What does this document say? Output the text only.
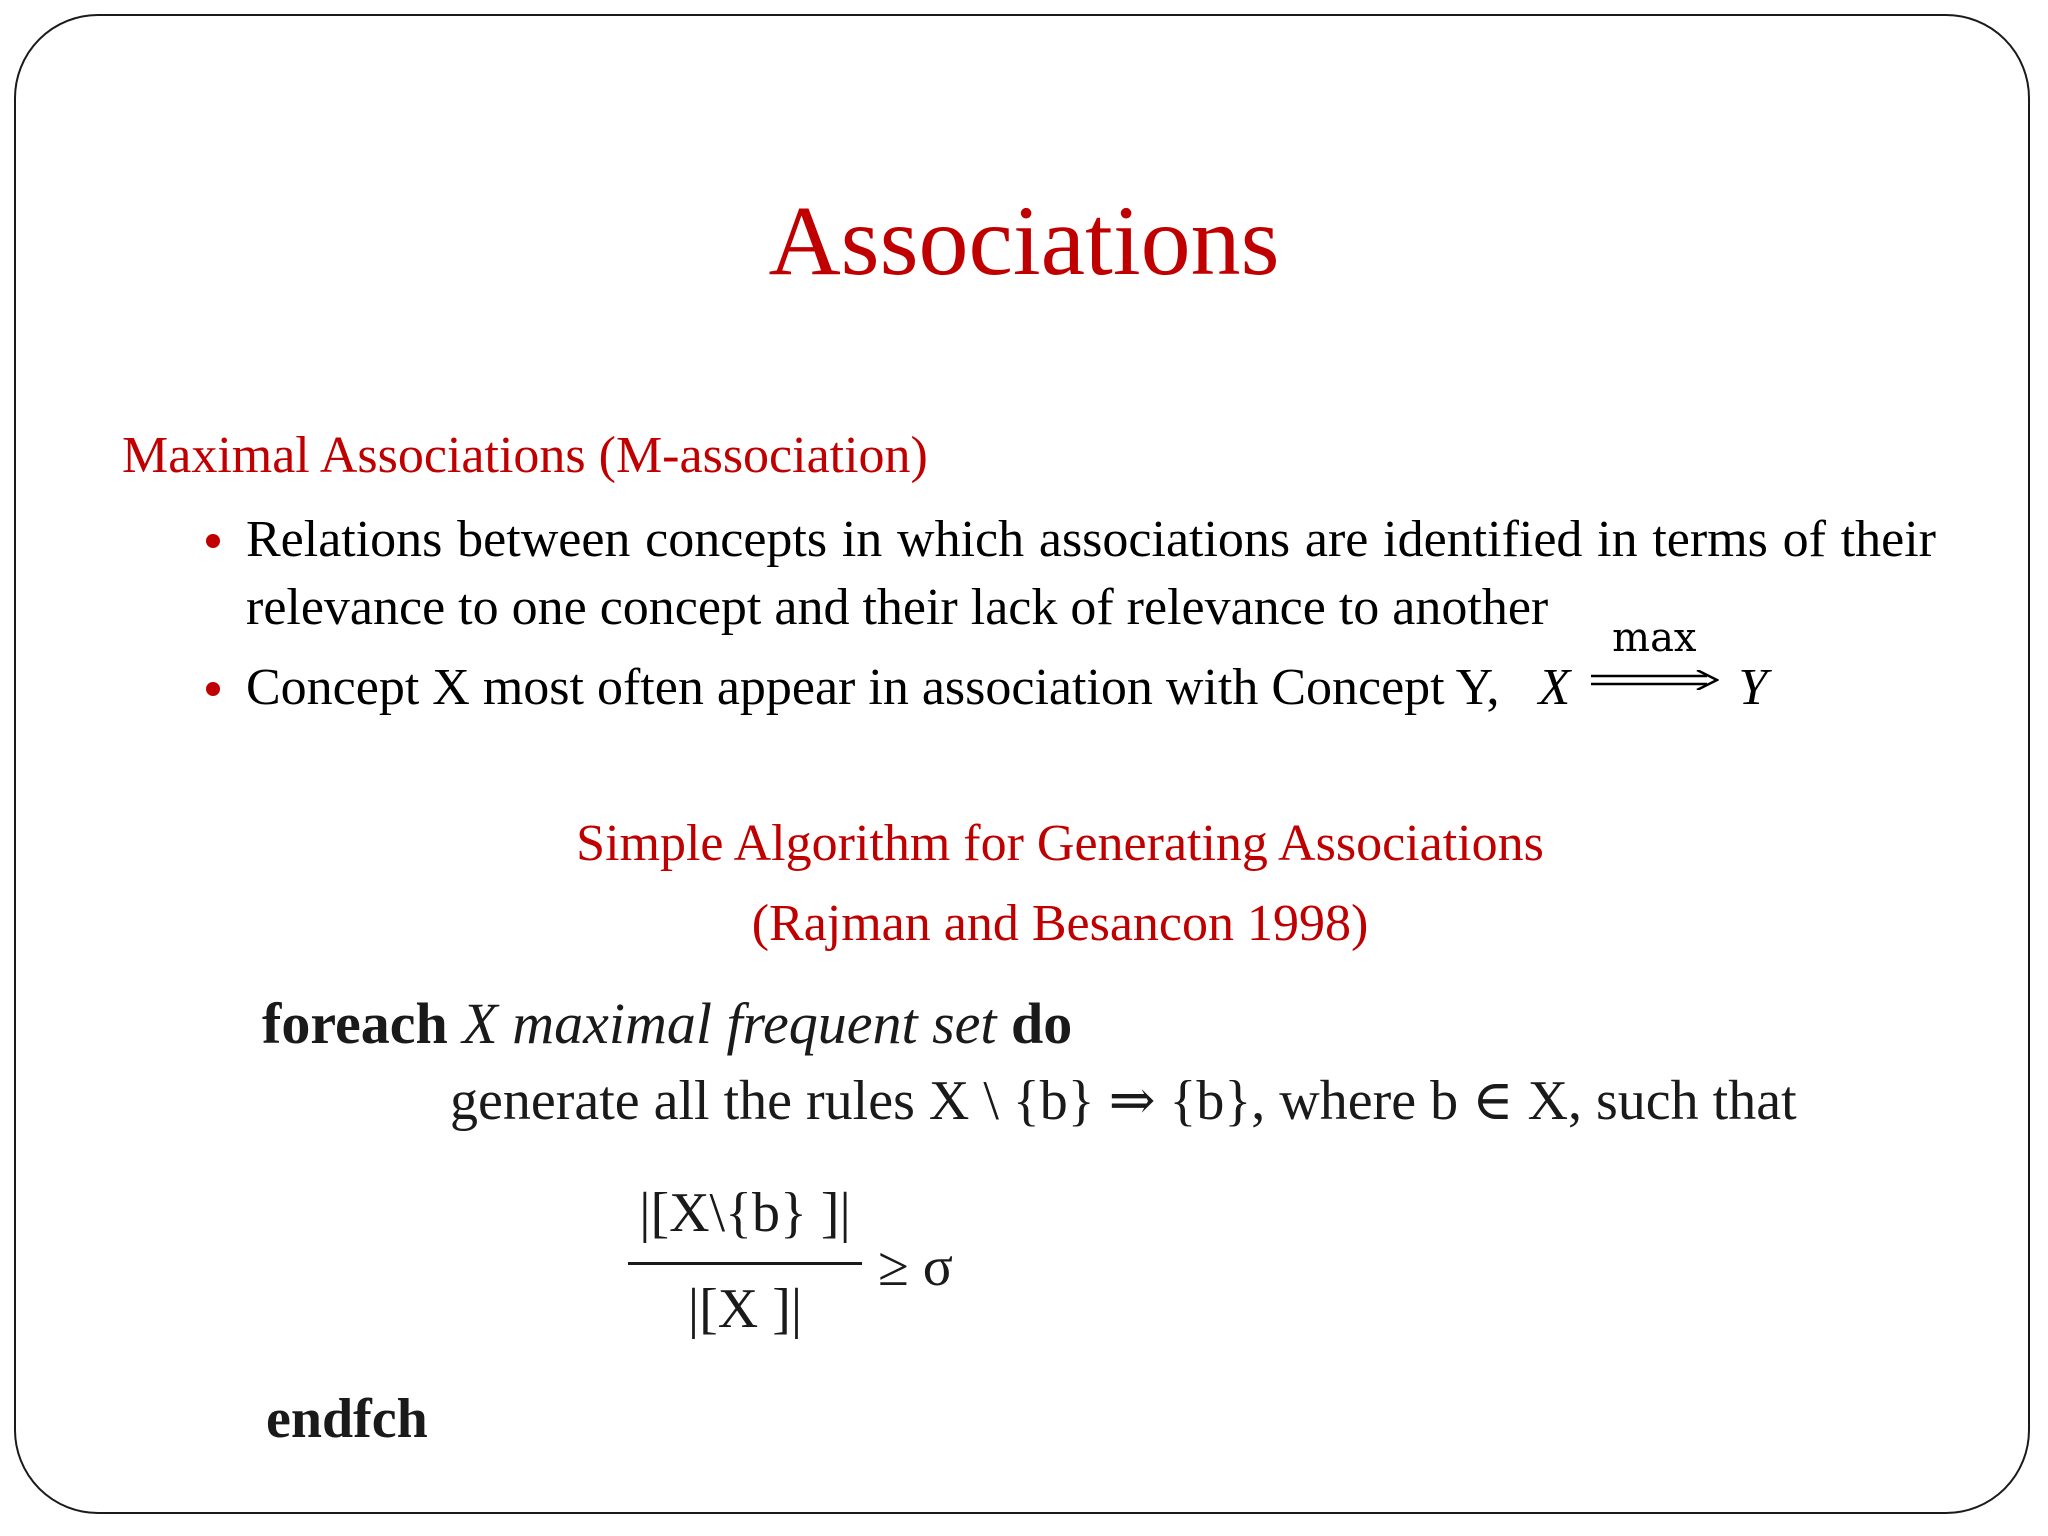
Associations

Maximal Associations (M-association)

Relations between concepts in which associations are identified in terms of their relevance to one concept and their lack of relevance to another
Concept X most often appear in association with Concept Y, X
max
Y

Simple Algorithm for Generating Associations

(Rajman and Besancon 1998)

foreach X maximal frequent set do
generate all the rules X \ {b} ⇒ {b}, where b ∈ X, such that
|[X\{b} ]|
|[X ]|
≥ σ
endfch
